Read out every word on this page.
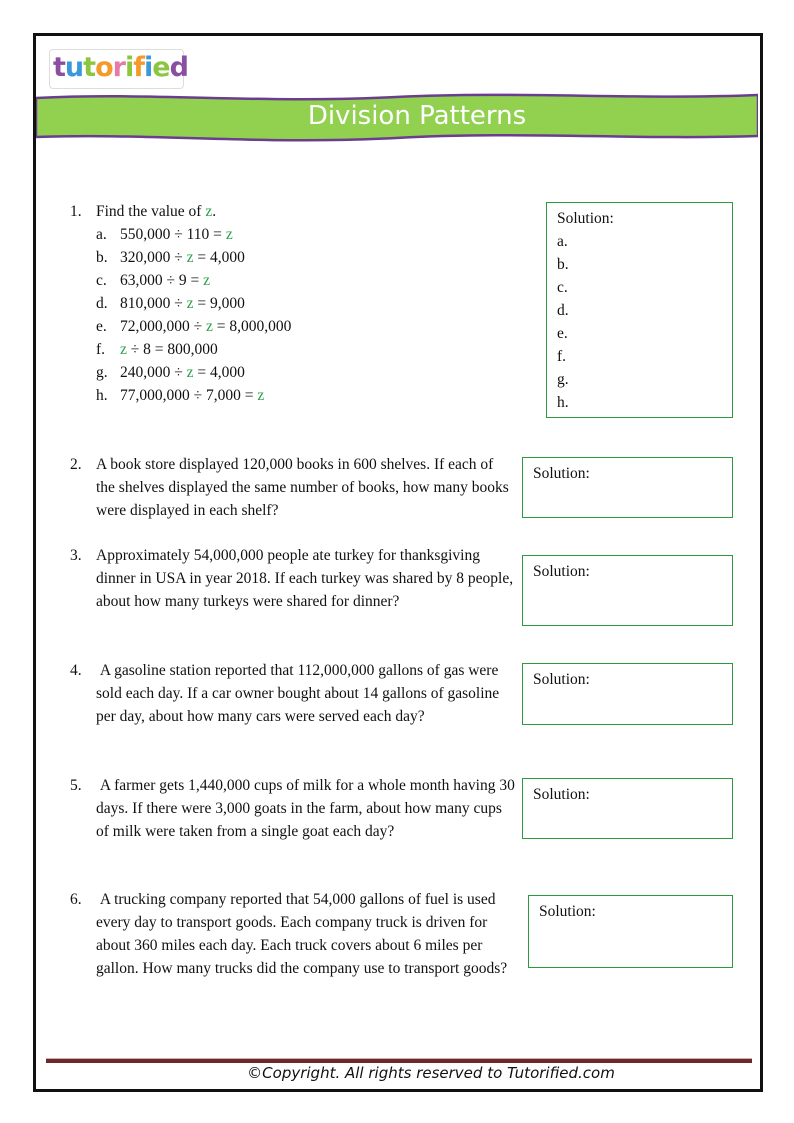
tutorified
Division Patterns
1. Find the value of z.
a. 550,000 ÷ 110 = z
b. 320,000 ÷ z = 4,000
c. 63,000 ÷ 9 = z
d. 810,000 ÷ z = 9,000
e. 72,000,000 ÷ z = 8,000,000
f. z ÷ 8 = 800,000
g. 240,000 ÷ z = 4,000
h. 77,000,000 ÷ 7,000 = z
Solution:
a.
b.
c.
d.
e.
f.
g.
h.
2. A book store displayed 120,000 books in 600 shelves. If each of the shelves displayed the same number of books, how many books were displayed in each shelf?
Solution:
3. Approximately 54,000,000 people ate turkey for thanksgiving dinner in USA in year 2018. If each turkey was shared by 8 people, about how many turkeys were shared for dinner?
Solution:
4. A gasoline station reported that 112,000,000 gallons of gas were sold each day. If a car owner bought about 14 gallons of gasoline per day, about how many cars were served each day?
Solution:
5. A farmer gets 1,440,000 cups of milk for a whole month having 30 days. If there were 3,000 goats in the farm, about how many cups of milk were taken from a single goat each day?
Solution:
6. A trucking company reported that 54,000 gallons of fuel is used every day to transport goods. Each company truck is driven for about 360 miles each day. Each truck covers about 6 miles per gallon. How many trucks did the company use to transport goods?
Solution:
©Copyright. All rights reserved to Tutorified.com
